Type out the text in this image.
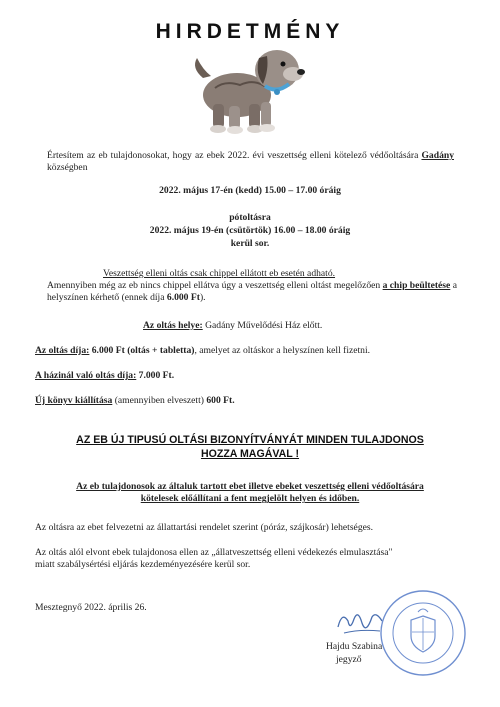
HIRDETMÉNY
Értesítem az eb tulajdonosokat, hogy az ebek 2022. évi veszettség elleni kötelező védőoltására Gadány községben
2022. május 17-én (kedd) 15.00 – 17.00 óráig
pótoltásra
2022. május 19-én (csütörtök) 16.00 – 18.00 óráig
kerül sor.
Veszettség elleni oltás csak chippel ellátott eb esetén adható.
Amennyiben még az eb nincs chippel ellátva úgy a veszettség elleni oltást megelőzően a chip beültetése a helyszínen kérhető (ennek díja 6.000 Ft).
Az oltás helye: Gadány Művelődési Ház előtt.
Az oltás díja: 6.000 Ft (oltás + tabletta), amelyet az oltáskor a helyszínen kell fizetni.
A házinál való oltás díja: 7.000 Ft.
Új könyv kiállítása (amennyiben elveszett) 600 Ft.
AZ EB ÚJ TIPUSÚ OLTÁSI BIZONYÍTVÁNYÁT MINDEN TULAJDONOS
HOZZA MAGÁVAL !
Az eb tulajdonosok az általuk tartott ebet illetve ebeket veszettség elleni védőoltására
kötelesek előállítani a fent megjelölt helyen és időben.
Az oltásra az ebet felvezetni az állattartási rendelet szerint (póráz, szájkosár) lehetséges.
Az oltás alól elvont ebek tulajdonosa ellen az „állatveszettség elleni védekezés elmulasztása"
miatt szabálysértési eljárás kezdeményezésére kerül sor.
Mesztegnyő 2022. április 26.
Hajdu Szabina
jegyző
